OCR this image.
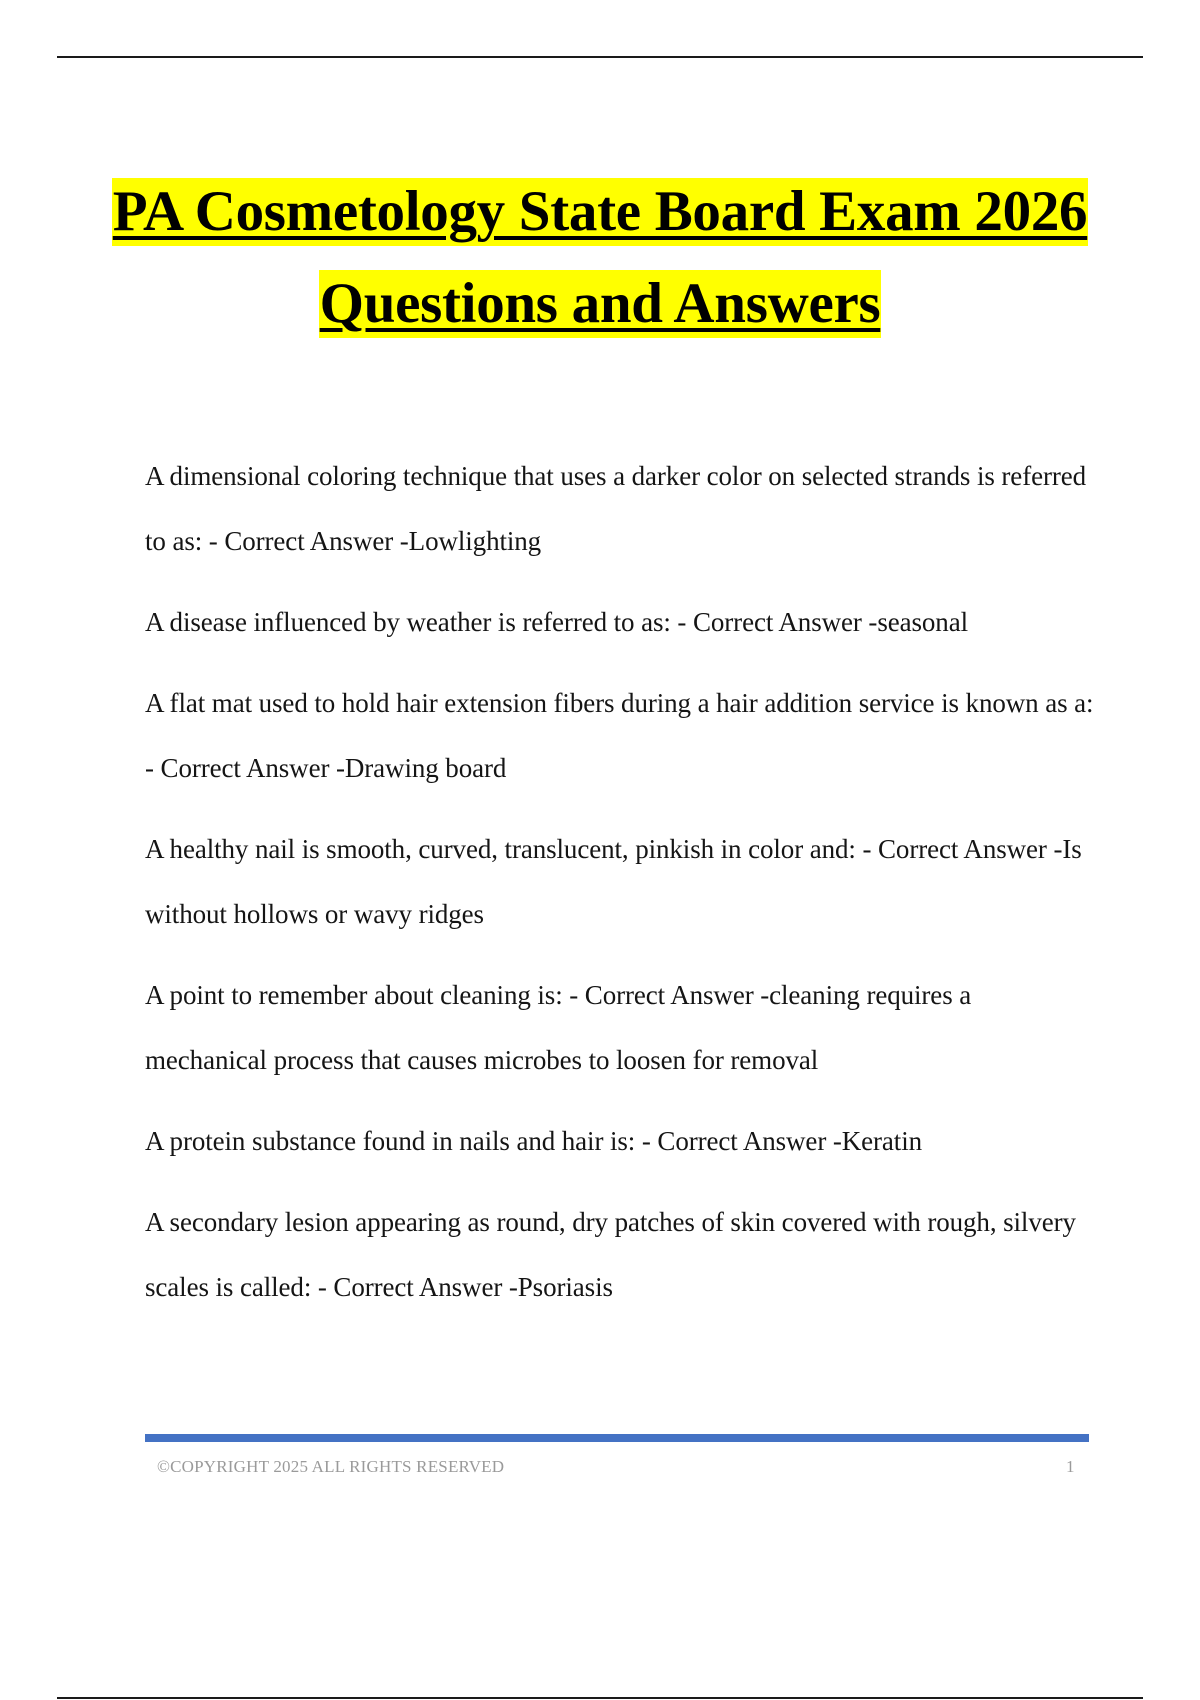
PA Cosmetology State Board Exam 2026
Questions and Answers

A dimensional coloring technique that uses a darker color on selected strands is referred to as: - Correct Answer -Lowlighting

A disease influenced by weather is referred to as: - Correct Answer -seasonal

A flat mat used to hold hair extension fibers during a hair addition service is known as a: - Correct Answer -Drawing board

A healthy nail is smooth, curved, translucent, pinkish in color and: - Correct Answer -Is without hollows or wavy ridges

A point to remember about cleaning is: - Correct Answer -cleaning requires a mechanical process that causes microbes to loosen for removal

A protein substance found in nails and hair is: - Correct Answer -Keratin

A secondary lesion appearing as round, dry patches of skin covered with rough, silvery scales is called: - Correct Answer -Psoriasis

©COPYRIGHT 2025 ALL RIGHTS RESERVED	1
